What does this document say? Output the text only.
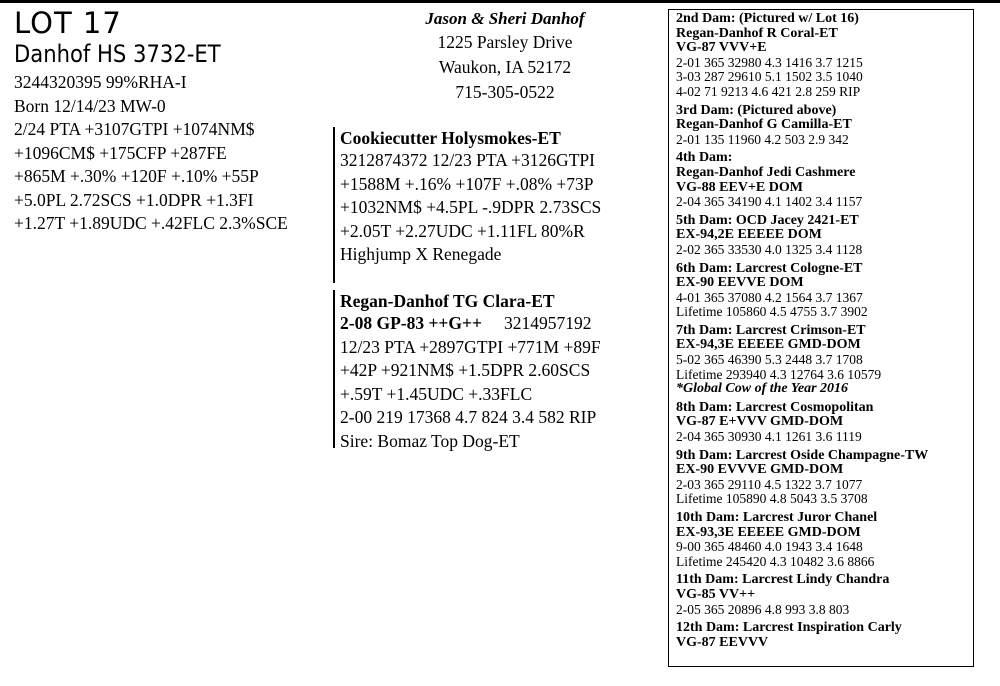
LOT 17
Danhof HS 3732-ET
3244320395 99%RHA-I
Born 12/14/23 MW-0
2/24 PTA +3107GTPI +1074NM$
+1096CM$ +175CFP +287FE
+865M +.30% +120F +.10% +55P
+5.0PL 2.72SCS +1.0DPR +1.3FI
+1.27T +1.89UDC +.42FLC 2.3%SCE
Jason & Sheri Danhof
1225 Parsley Drive
Waukon, IA 52172
715-305-0522
Cookiecutter Holysmokes-ET
3212874372 12/23 PTA +3126GTPI
+1588M +.16% +107F +.08% +73P
+1032NM$ +4.5PL -.9DPR 2.73SCS
+2.05T +2.27UDC +1.11FL 80%R
Highjump X Renegade
Regan-Danhof TG Clara-ET
2-08 GP-83 ++G++ 3214957192
12/23 PTA +2897GTPI +771M +89F
+42P +921NM$ +1.5DPR 2.60SCS
+.59T +1.45UDC +.33FLC
2-00 219 17368 4.7 824 3.4 582 RIP
Sire: Bomaz Top Dog-ET
2nd Dam: (Pictured w/ Lot 16)
Regan-Danhof R Coral-ET
VG-87 VVV+E
2-01 365 32980 4.3 1416 3.7 1215
3-03 287 29610 5.1 1502 3.5 1040
4-02 71 9213 4.6 421 2.8 259 RIP
3rd Dam: (Pictured above)
Regan-Danhof G Camilla-ET
2-01 135 11960 4.2 503 2.9 342
4th Dam:
Regan-Danhof Jedi Cashmere
VG-88 EEV+E DOM
2-04 365 34190 4.1 1402 3.4 1157
5th Dam: OCD Jacey 2421-ET
EX-94,2E EEEEE DOM
2-02 365 33530 4.0 1325 3.4 1128
6th Dam: Larcrest Cologne-ET
EX-90 EEVVE DOM
4-01 365 37080 4.2 1564 3.7 1367
Lifetime 105860 4.5 4755 3.7 3902
7th Dam: Larcrest Crimson-ET
EX-94,3E EEEEE GMD-DOM
5-02 365 46390 5.3 2448 3.7 1708
Lifetime 293940 4.3 12764 3.6 10579
*Global Cow of the Year 2016
8th Dam: Larcrest Cosmopolitan
VG-87 E+VVV GMD-DOM
2-04 365 30930 4.1 1261 3.6 1119
9th Dam: Larcrest Oside Champagne-TW
EX-90 EVVVE GMD-DOM
2-03 365 29110 4.5 1322 3.7 1077
Lifetime 105890 4.8 5043 3.5 3708
10th Dam: Larcrest Juror Chanel
EX-93,3E EEEEE GMD-DOM
9-00 365 48460 4.0 1943 3.4 1648
Lifetime 245420 4.3 10482 3.6 8866
11th Dam: Larcrest Lindy Chandra
VG-85 VV++
2-05 365 20896 4.8 993 3.8 803
12th Dam: Larcrest Inspiration Carly
VG-87 EEVVV
